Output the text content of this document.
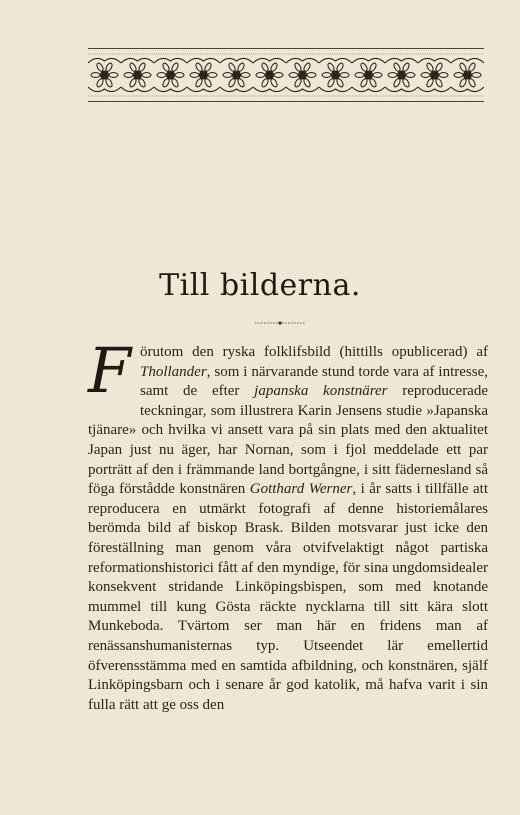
Till bilderna.

F örutom den ryska folklifsbild (hittills opublicerad) af Thollander, som i närvarande stund torde vara af intresse, samt de efter japanska konstnärer reproducerade teckningar, som illustrera Karin Jensens studie »Japanska tjänare» och hvilka vi ansett vara på sin plats med den aktualitet Japan just nu äger, har Nornan, som i fjol meddelade ett par porträtt af den i främmande land bortgångne, i sitt fädernesland så föga förstådde konstnären Gotthard Werner, i år satts i tillfälle att reproducera en utmärkt fotografi af denne historiemålares berömda bild af biskop Brask. Bilden motsvarar just icke den föreställning man genom våra otvifvelaktigt något partiska reformationshistorici fått af den myndige, för sina ungdomsidealer konsekvent stridande Linköpingsbispen, som med knotande mummel till kung Gösta räckte nycklarna till sitt kära slott Munkeboda. Tvärtom ser man här en fridens man af renässanshumanisternas typ. Utseendet lär emellertid öfverensstämma med en samtida afbildning, och konstnären, själf Linköpingsbarn och i senare år god katolik, må hafva varit i sin fulla rätt att ge oss den
